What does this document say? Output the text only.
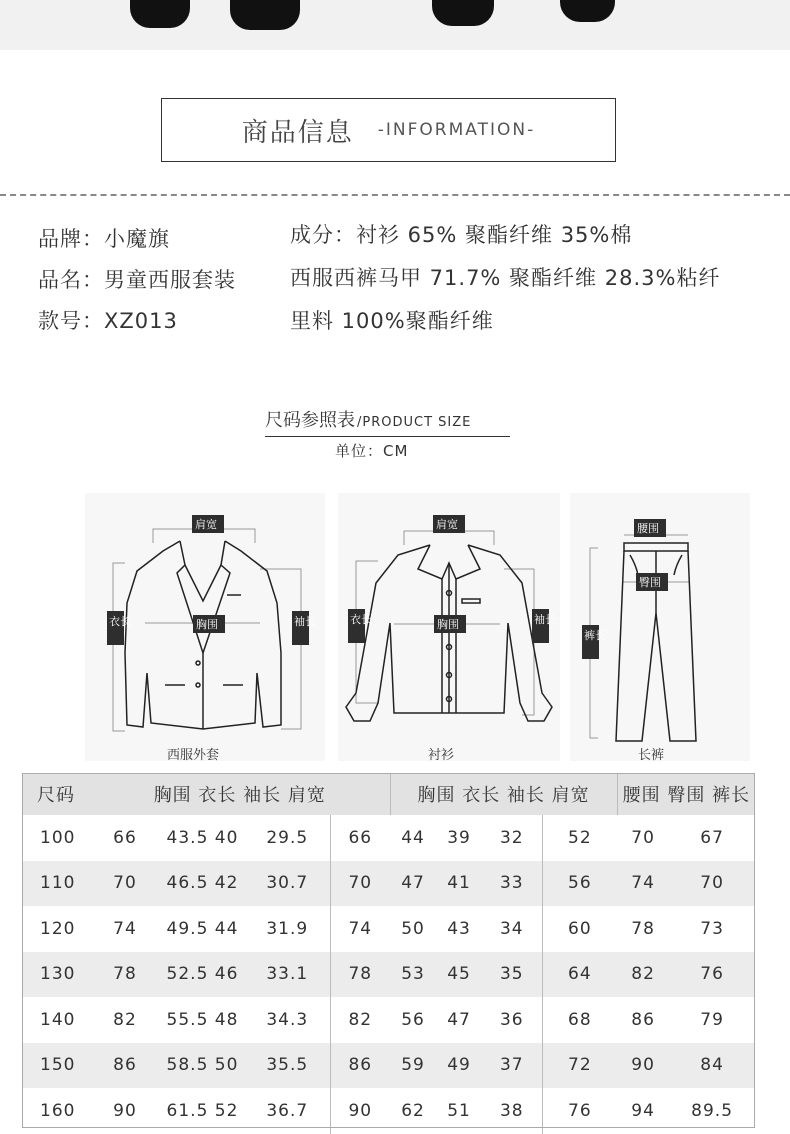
商品信息 -INFORMATION-
品牌：小魔旗
品名：男童西服套装
款号：XZ013
成分：衬衫 65% 聚酯纤维 35%棉
西服西裤马甲 71.7% 聚酯纤维 28.3%粘纤
里料 100%聚酯纤维
尺码参照表 /PRODUCT SIZE
单位：CM
肩宽
胸围
衣长	袖长
西服外套
肩宽
胸围
衣长	袖长
衬衫
腰围
臀围
裤长
长裤
尺码	胸围 衣长 袖长 肩宽				胸围 衣长 袖长 肩宽				腰围 臀围 裤长	
100	66	43.5 40	29.5	66	44	39	32	52	70	67
110	70	46.5 42	30.7	70	47	41	33	56	74	70
120	74	49.5 44	31.9	74	50	43	34	60	78	73
130	78	52.5 46	33.1	78	53	45	35	64	82	76
140	82	55.5 48	34.3	82	56	47	36	68	86	79
150	86	58.5 50	35.5	86	59	49	37	72	90	84
160	90	61.5 52	36.7	90	62	51	38	76	94	89.5
